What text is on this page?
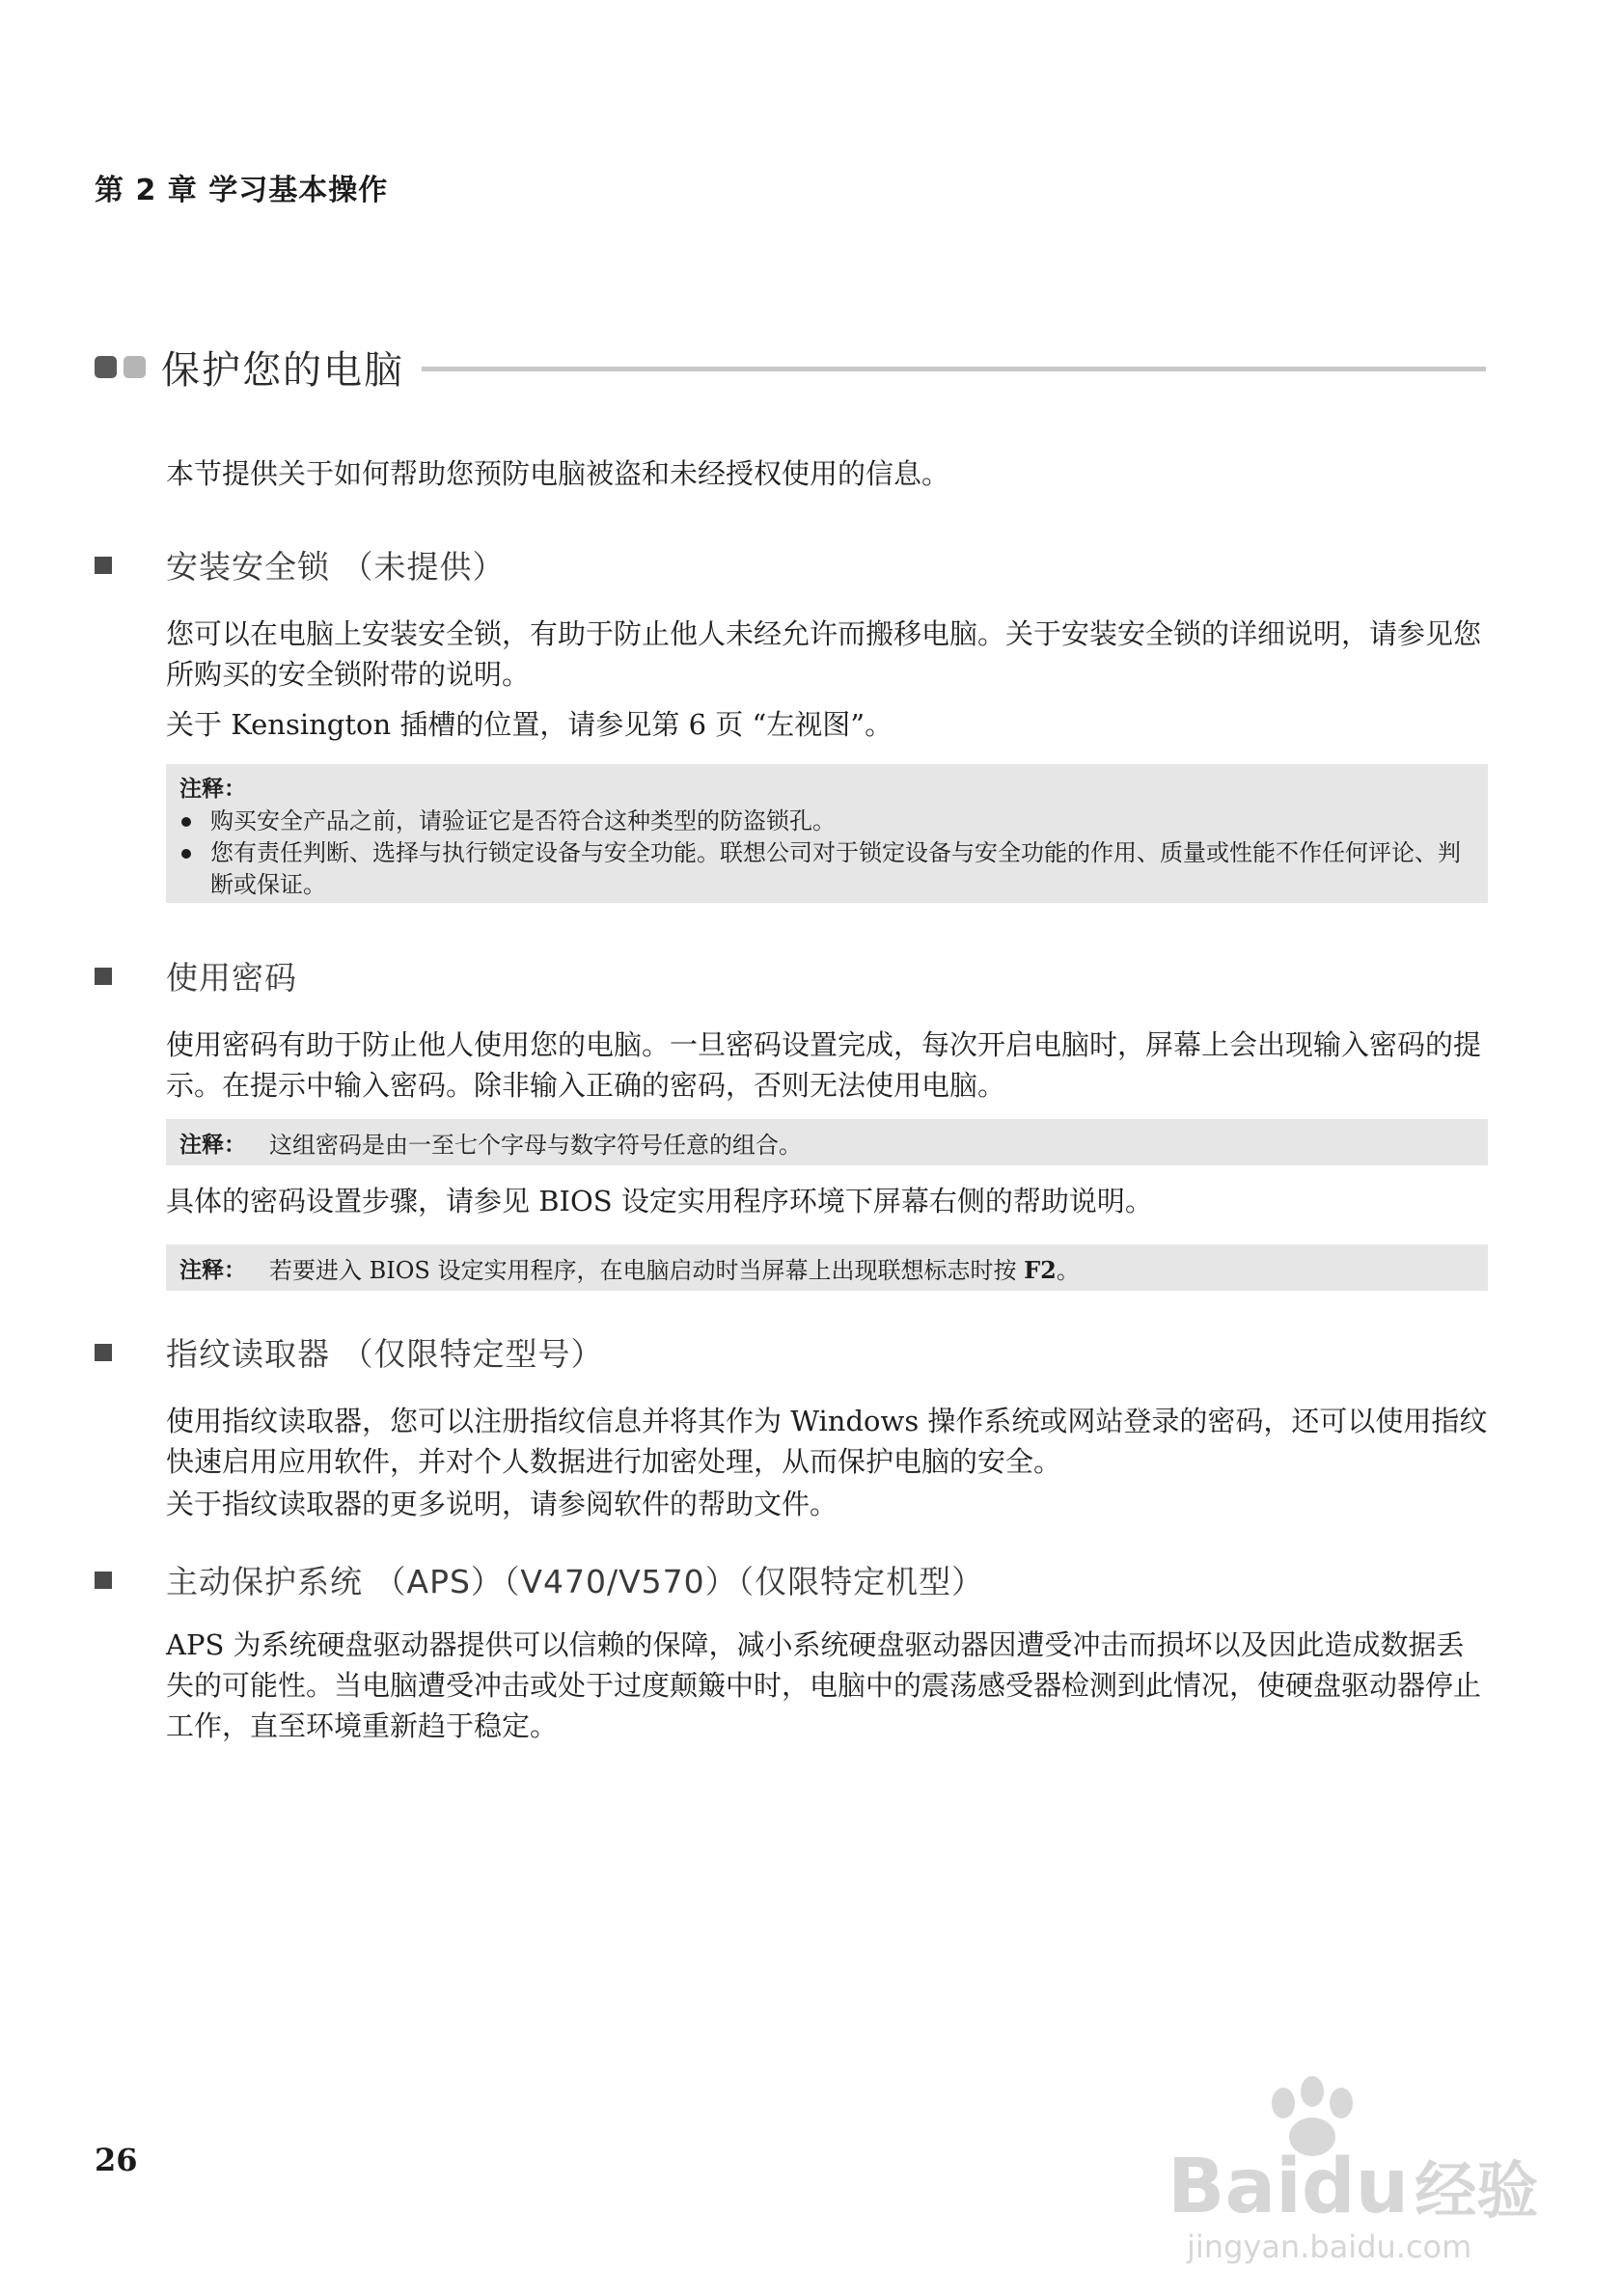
第 2 章 学习基本操作
保护您的电脑
本节提供关于如何帮助您预防电脑被盗和未经授权使用的信息。
安装安全锁 （未提供）
您可以在电脑上安装安全锁，有助于防止他人未经允许而搬移电脑。关于安装安全锁的详细说明，请参见您所购买的安全锁附带的说明。
关于 Kensington 插槽的位置，请参见第 6 页 “左视图”。
注释：
购买安全产品之前，请验证它是否符合这种类型的防盗锁孔。
您有责任判断、选择与执行锁定设备与安全功能。联想公司对于锁定设备与安全功能的作用、质量或性能不作任何评论、判断或保证。
使用密码
使用密码有助于防止他人使用您的电脑。一旦密码设置完成，每次开启电脑时，屏幕上会出现输入密码的提示。在提示中输入密码。除非输入正确的密码，否则无法使用电脑。
注释： 这组密码是由一至七个字母与数字符号任意的组合。
具体的密码设置步骤，请参见 BIOS 设定实用程序环境下屏幕右侧的帮助说明。
注释： 若要进入 BIOS 设定实用程序，在电脑启动时当屏幕上出现联想标志时按 F2。
指纹读取器 （仅限特定型号）
使用指纹读取器，您可以注册指纹信息并将其作为 Windows 操作系统或网站登录的密码，还可以使用指纹快速启用应用软件，并对个人数据进行加密处理，从而保护电脑的安全。
关于指纹读取器的更多说明，请参阅软件的帮助文件。
主动保护系统 （APS）（V470/V570）（仅限特定机型）
APS 为系统硬盘驱动器提供可以信赖的保障，减小系统硬盘驱动器因遭受冲击而损坏以及因此造成数据丢失的可能性。当电脑遭受冲击或处于过度颠簸中时，电脑中的震荡感受器检测到此情况，使硬盘驱动器停止工作，直至环境重新趋于稳定。
26	Baidu经验
jingyan.baidu.com
